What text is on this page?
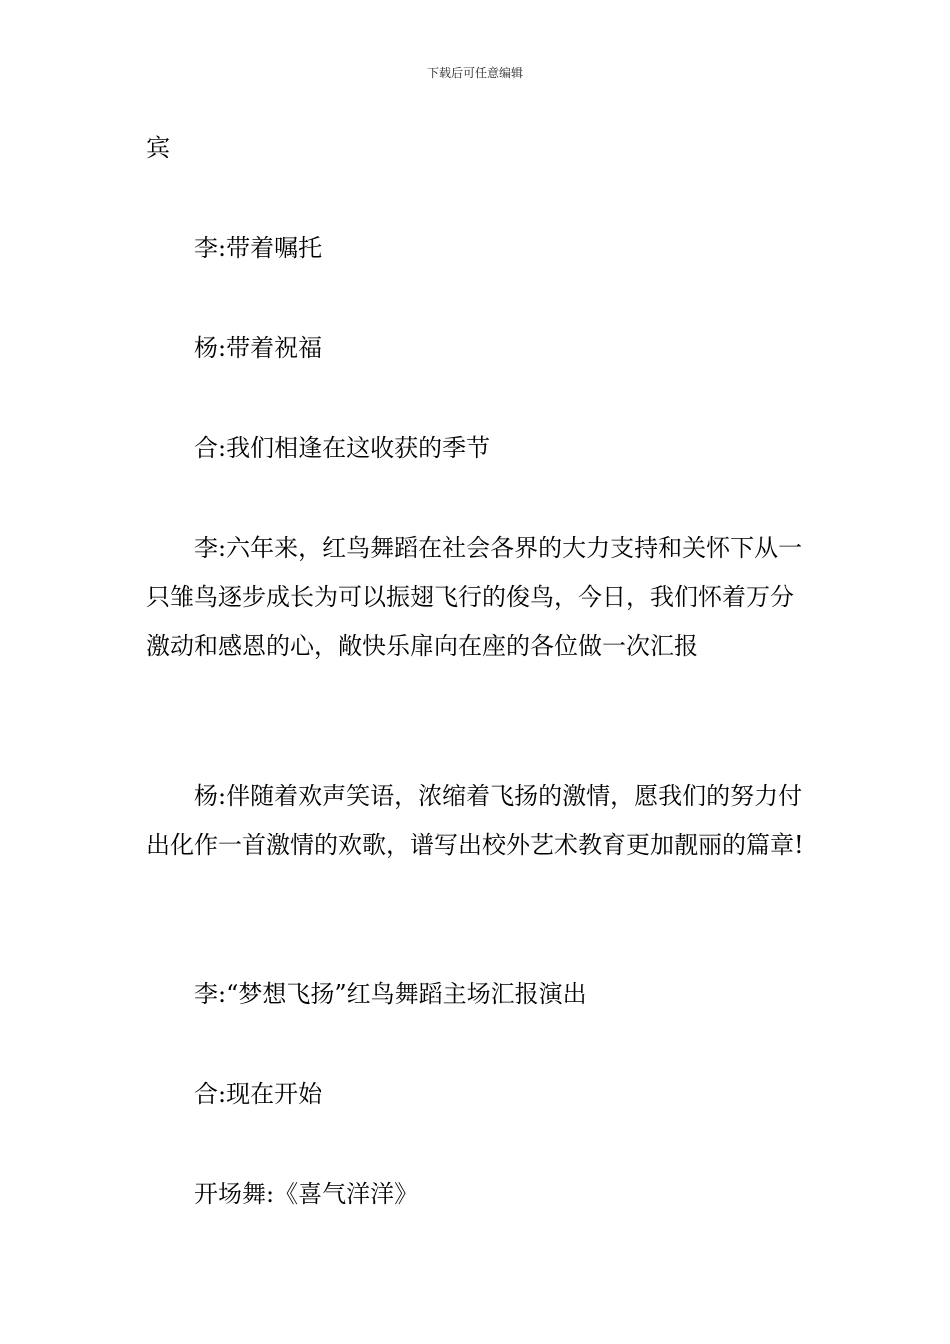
下载后可任意编辑

宾

李:带着嘱托

杨:带着祝福

合:我们相逢在这收获的季节

李:六年来，红鸟舞蹈在社会各界的大力支持和关怀下从一只雏鸟逐步成长为可以振翅飞行的俊鸟，今日，我们怀着万分激动和感恩的心，敞快乐扉向在座的各位做一次汇报

杨:伴随着欢声笑语，浓缩着飞扬的激情，愿我们的努力付出化作一首激情的欢歌，谱写出校外艺术教育更加靓丽的篇章!

李:“梦想飞扬”红鸟舞蹈主场汇报演出

合:现在开始

开场舞:《喜气洋洋》
